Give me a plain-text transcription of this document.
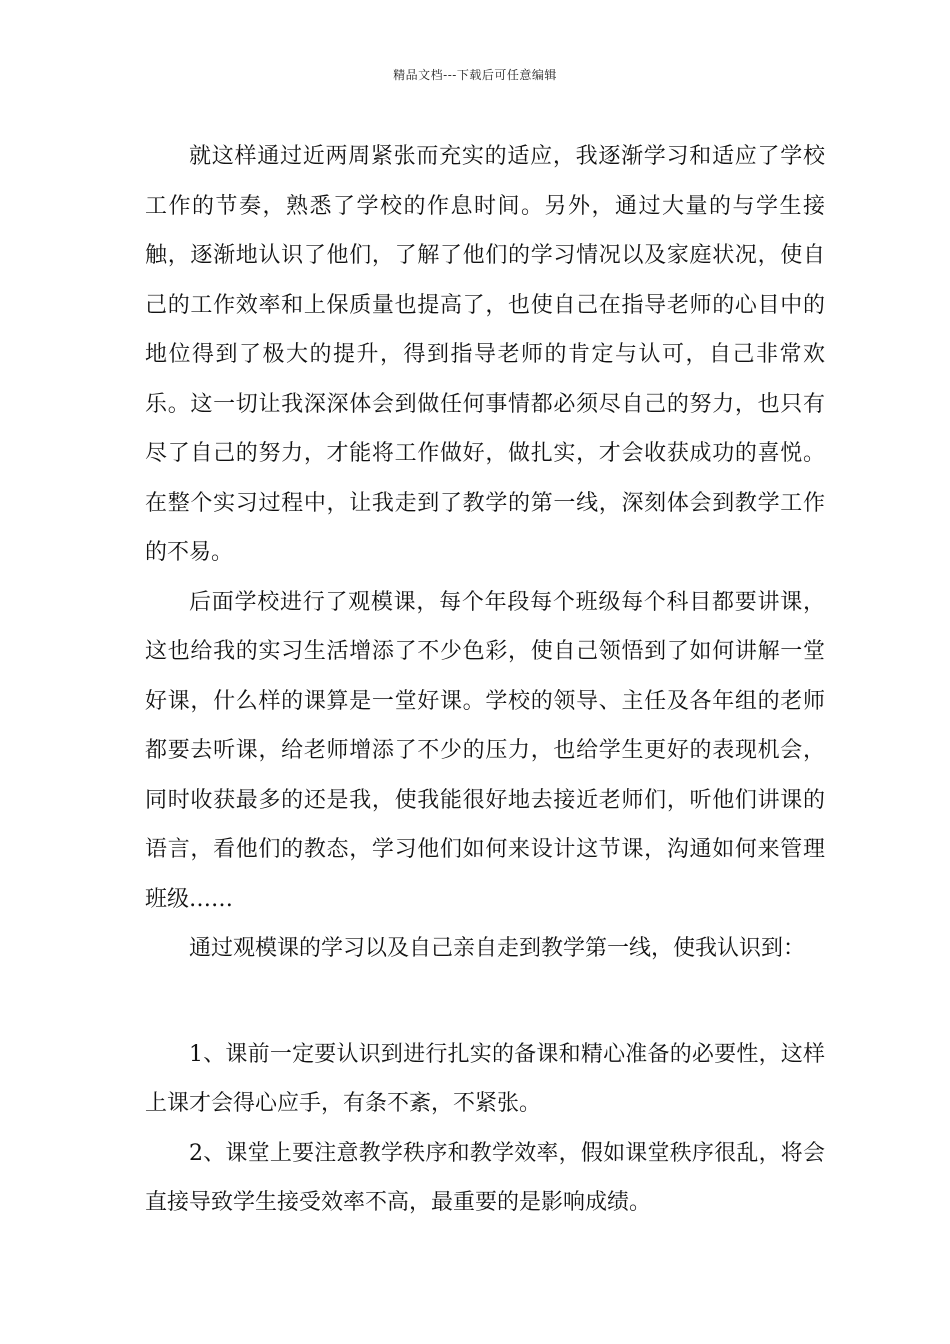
精品文档---下载后可任意编辑

就这样通过近两周紧张而充实的适应，我逐渐学习和适应了学校工作的节奏，熟悉了学校的作息时间。另外，通过大量的与学生接触，逐渐地认识了他们，了解了他们的学习情况以及家庭状况，使自己的工作效率和上保质量也提高了，也使自己在指导老师的心目中的地位得到了极大的提升，得到指导老师的肯定与认可，自己非常欢乐。这一切让我深深体会到做任何事情都必须尽自己的努力，也只有尽了自己的努力，才能将工作做好，做扎实，才会收获成功的喜悦。在整个实习过程中，让我走到了教学的第一线，深刻体会到教学工作的不易。

后面学校进行了观模课，每个年段每个班级每个科目都要讲课，这也给我的实习生活增添了不少色彩，使自己领悟到了如何讲解一堂好课，什么样的课算是一堂好课。学校的领导、主任及各年组的老师都要去听课，给老师增添了不少的压力，也给学生更好的表现机会，同时收获最多的还是我，使我能很好地去接近老师们，听他们讲课的语言，看他们的教态，学习他们如何来设计这节课，沟通如何来管理班级……

通过观模课的学习以及自己亲自走到教学第一线，使我认识到：

1、课前一定要认识到进行扎实的备课和精心准备的必要性，这样上课才会得心应手，有条不紊，不紧张。

2、课堂上要注意教学秩序和教学效率，假如课堂秩序很乱，将会直接导致学生接受效率不高，最重要的是影响成绩。
